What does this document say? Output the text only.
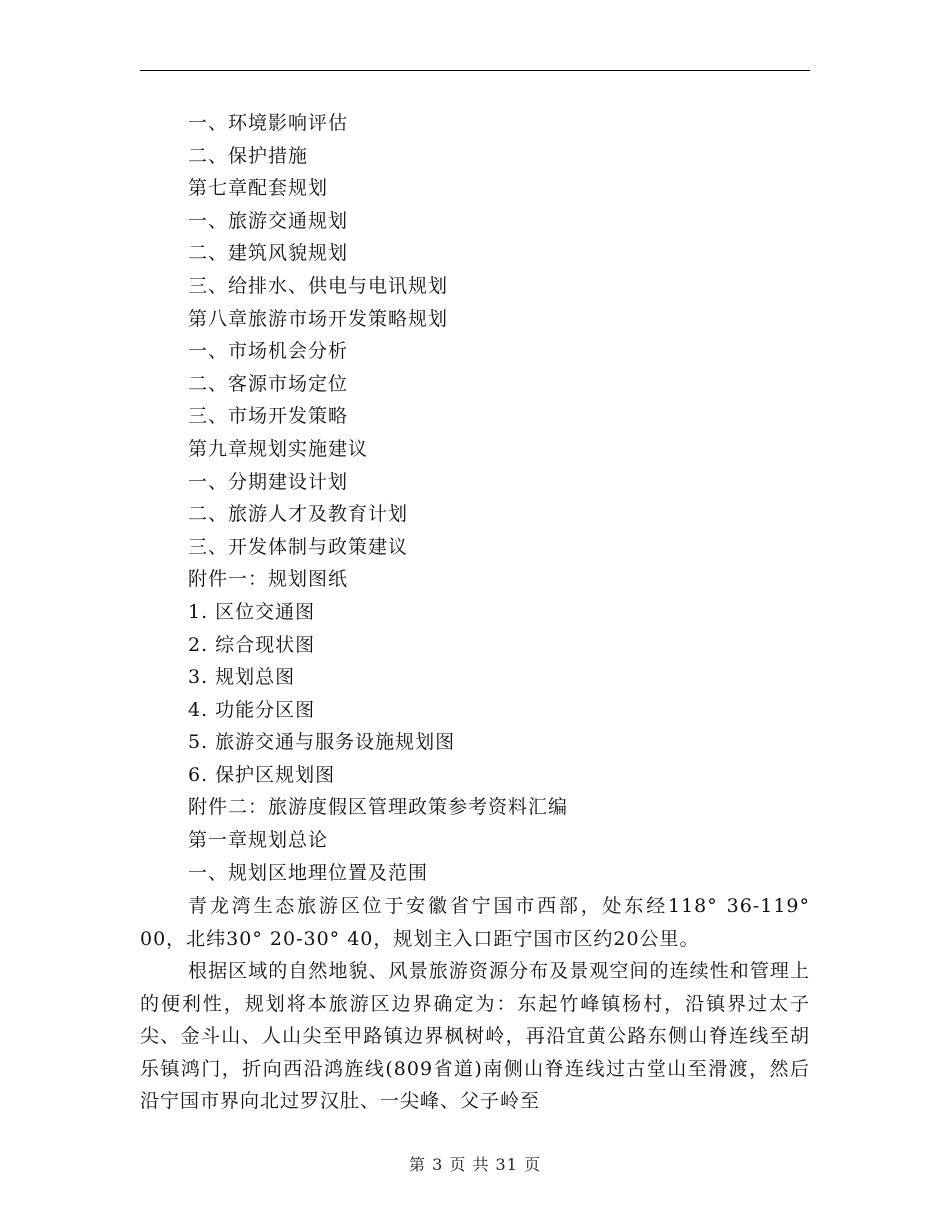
一、环境影响评估
二、保护措施
第七章配套规划
一、旅游交通规划
二、建筑风貌规划
三、给排水、供电与电讯规划
第八章旅游市场开发策略规划
一、市场机会分析
二、客源市场定位
三、市场开发策略
第九章规划实施建议
一、分期建设计划
二、旅游人才及教育计划
三、开发体制与政策建议
附件一：规划图纸
1. 区位交通图
2. 综合现状图
3. 规划总图
4. 功能分区图
5. 旅游交通与服务设施规划图
6. 保护区规划图
附件二：旅游度假区管理政策参考资料汇编
第一章规划总论
一、规划区地理位置及范围

青龙湾生态旅游区位于安徽省宁国市西部，处东经118° 36-119° 00，北纬30° 20-30° 40，规划主入口距宁国市区约20公里。

根据区域的自然地貌、风景旅游资源分布及景观空间的连续性和管理上的便利性，规划将本旅游区边界确定为：东起竹峰镇杨村，沿镇界过太子尖、金斗山、人山尖至甲路镇边界枫树岭，再沿宜黄公路东侧山脊连线至胡乐镇鸿门，折向西沿鸿旌线(809省道)南侧山脊连线过古堂山至滑渡，然后沿宁国市界向北过罗汉肚、一尖峰、父子岭至

第 3 页 共 31 页
